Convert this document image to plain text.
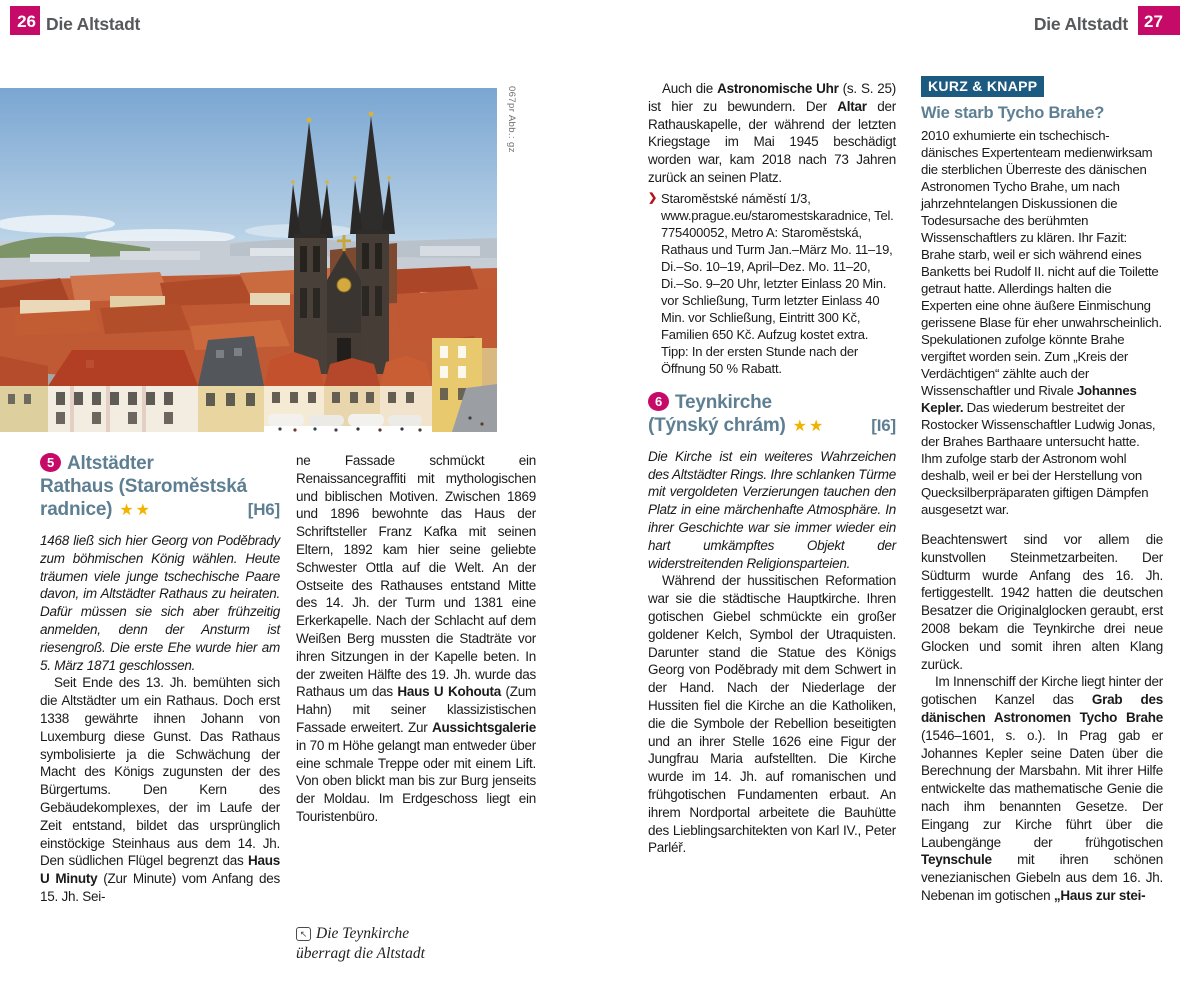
26 Die Altstadt	Die Altstadt 27
067pr Abb.: gz
5 Altstädter
Rathaus (Staroměstská
radnice) ★★	[H6]

1468 ließ sich hier Georg von Poděbrady zum böhmischen König wählen. Heute träumen viele junge tschechische Paare davon, im Altstädter Rathaus zu heiraten. Dafür müssen sie sich aber frühzeitig anmelden, denn der Ansturm ist riesengroß. Die erste Ehe wurde hier am 5. März 1871 geschlossen.

Seit Ende des 13. Jh. bemühten sich die Altstädter um ein Rathaus. Doch erst 1338 gewährte ihnen Johann von Luxemburg diese Gunst. Das Rathaus symbolisierte ja die Schwächung der Macht des Königs zugunsten der des Bürgertums. Den Kern des Gebäudekomplexes, der im Laufe der Zeit entstand, bildet das ursprünglich einstöckige Steinhaus aus dem 14. Jh. Den südlichen Flügel begrenzt das Haus U Minuty (Zur Minute) vom Anfang des 15. Jh. Sei-

ne Fassade schmückt ein Renaissancegraffiti mit mythologischen und biblischen Motiven. Zwischen 1869 und 1896 bewohnte das Haus der Schriftsteller Franz Kafka mit seinen Eltern, 1892 kam hier seine geliebte Schwester Ottla auf die Welt. An der Ostseite des Rathauses entstand Mitte des 14. Jh. der Turm und 1381 eine Erkerkapelle. Nach der Schlacht auf dem Weißen Berg mussten die Stadträte vor ihren Sitzungen in der Kapelle beten. In der zweiten Hälfte des 19. Jh. wurde das Rathaus um das Haus U Kohouta (Zum Hahn) mit seiner klassizistischen Fassade erweitert. Zur Aussichtsgalerie in 70 m Höhe gelangt man entweder über eine schmale Treppe oder mit einem Lift. Von oben blickt man bis zur Burg jenseits der Moldau. Im Erdgeschoss liegt ein Touristenbüro.

↖ Die Teynkirche
überragt die Altstadt

Auch die Astronomische Uhr (s. S. 25) ist hier zu bewundern. Der Altar der Rathauskapelle, der während der letzten Kriegstage im Mai 1945 beschädigt worden war, kam 2018 nach 73 Jahren zurück an seinen Platz.

❯ Staroměstské náměstí 1/3, www.prague.eu/staromestskaradnice, Tel. 775400052, Metro A: Staroměstská, Rathaus und Turm Jan.–März Mo. 11–19, Di.–So. 10–19, April–Dez. Mo. 11–20, Di.–So. 9–20 Uhr, letzter Einlass 20 Min. vor Schließung, Turm letzter Einlass 40 Min. vor Schließung, Eintritt 300 Kč, Familien 650 Kč. Aufzug kostet extra. Tipp: In der ersten Stunde nach der Öffnung 50 % Rabatt.
6 Teynkirche
(Týnský chrám) ★★	[I6]

Die Kirche ist ein weiteres Wahrzeichen des Altstädter Rings. Ihre schlanken Türme mit vergoldeten Verzierungen tauchen den Platz in eine märchenhafte Atmosphäre. In ihrer Geschichte war sie immer wieder ein hart umkämpftes Objekt der widerstreitenden Religionsparteien.

Während der hussitischen Reformation war sie die städtische Hauptkirche. Ihren gotischen Giebel schmückte ein großer goldener Kelch, Symbol der Utraquisten. Darunter stand die Statue des Königs Georg von Poděbrady mit dem Schwert in der Hand. Nach der Niederlage der Hussiten fiel die Kirche an die Katholiken, die die Symbole der Rebellion beseitigten und an ihrer Stelle 1626 eine Figur der Jungfrau Maria aufstellten. Die Kirche wurde im 14. Jh. auf romanischen und frühgotischen Fundamenten erbaut. An ihrem Nordportal arbeitete die Bauhütte des Lieblingsarchitekten von Karl IV., Peter Parléř.

KURZ & KNAPP
Wie starb Tycho Brahe?
2010 exhumierte ein tschechisch-dänisches Expertenteam medienwirksam die sterblichen Überreste des dänischen Astronomen Tycho Brahe, um nach jahrzehntelangen Diskussionen die Todesursache des berühmten Wissenschaftlers zu klären. Ihr Fazit: Brahe starb, weil er sich während eines Banketts bei Rudolf II. nicht auf die Toilette getraut hatte. Allerdings halten die Experten eine ohne äußere Einmischung gerissene Blase für eher unwahrscheinlich. Spekulationen zufolge könnte Brahe vergiftet worden sein. Zum „Kreis der Verdächtigen“ zählte auch der Wissenschaftler und Rivale Johannes Kepler. Das wiederum bestreitet der Rostocker Wissenschaftler Ludwig Jonas, der Brahes Barthaare untersucht hatte. Ihm zufolge starb der Astronom wohl deshalb, weil er bei der Herstellung von Quecksilberpräparaten giftigen Dämpfen ausgesetzt war.

Beachtenswert sind vor allem die kunstvollen Steinmetzarbeiten. Der Südturm wurde Anfang des 16. Jh. fertiggestellt. 1942 hatten die deutschen Besatzer die Originalglocken geraubt, erst 2008 bekam die Teynkirche drei neue Glocken und somit ihren alten Klang zurück.

Im Innenschiff der Kirche liegt hinter der gotischen Kanzel das Grab des dänischen Astronomen Tycho Brahe (1546–1601, s. o.). In Prag gab er Johannes Kepler seine Daten über die Berechnung der Marsbahn. Mit ihrer Hilfe entwickelte das mathematische Genie die nach ihm benannten Gesetze. Der Eingang zur Kirche führt über die Laubengänge der frühgotischen Teynschule mit ihren schönen venezianischen Giebeln aus dem 16. Jh. Nebenan im gotischen „Haus zur stei-
